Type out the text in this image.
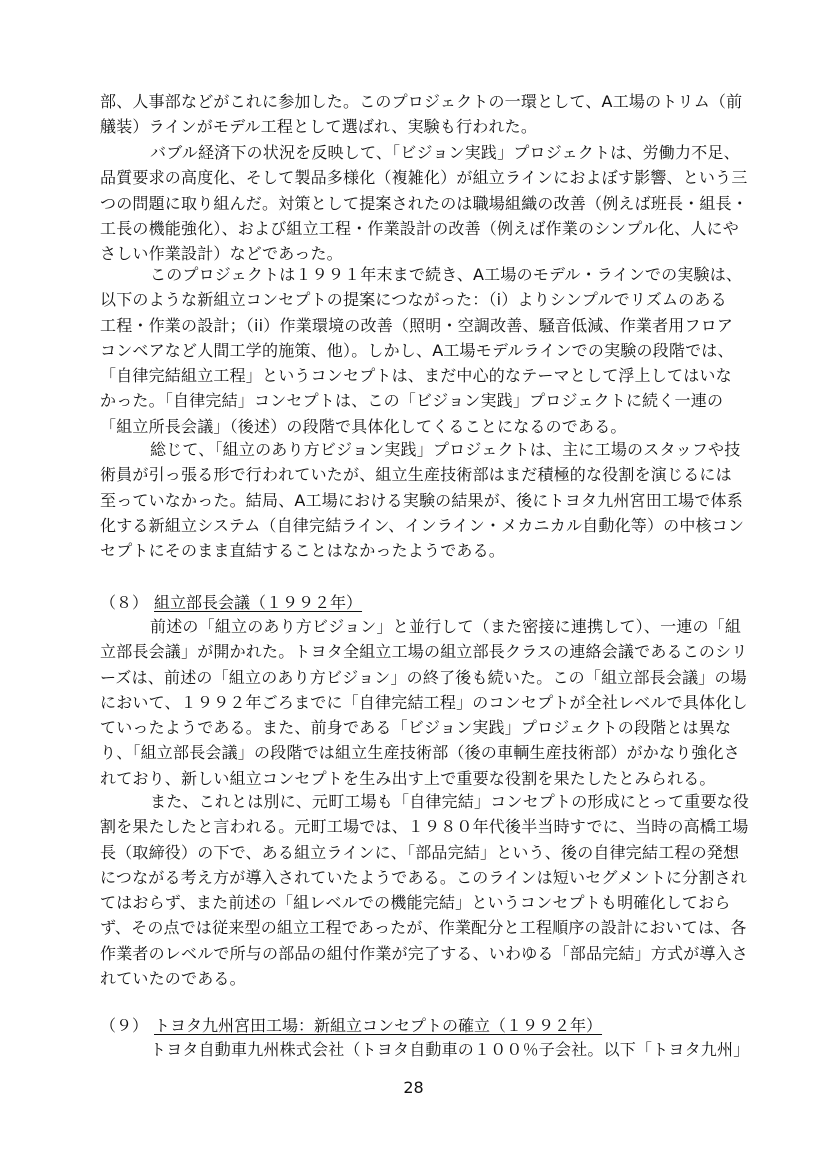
部、人事部などがこれに参加した。このプロジェクトの一環として、A工場のトリム（前
艤装）ラインがモデル工程として選ばれ、実験も行われた。
バブル経済下の状況を反映して、「ビジョン実践」プロジェクトは、労働力不足、
品質要求の高度化、そして製品多様化（複雑化）が組立ラインにおよぼす影響、という三
つの問題に取り組んだ。対策として提案されたのは職場組織の改善（例えば班長・組長・
工長の機能強化）、および組立工程・作業設計の改善（例えば作業のシンプル化、人にや
さしい作業設計）などであった。
このプロジェクトは１９９１年末まで続き、A工場のモデル・ラインでの実験は、
以下のような新組立コンセプトの提案につながった：（i）よりシンプルでリズムのある
工程・作業の設計；（ii）作業環境の改善（照明・空調改善、騒音低減、作業者用フロア
コンベアなど人間工学的施策、他）。しかし、A工場モデルラインでの実験の段階では、
「自律完結組立工程」というコンセプトは、まだ中心的なテーマとして浮上してはいな
かった。「自律完結」コンセプトは、この「ビジョン実践」プロジェクトに続く一連の
「組立所長会議」（後述）の段階で具体化してくることになるのである。
総じて、「組立のあり方ビジョン実践」プロジェクトは、主に工場のスタッフや技
術員が引っ張る形で行われていたが、組立生産技術部はまだ積極的な役割を演じるには
至っていなかった。結局、A工場における実験の結果が、後にトヨタ九州宮田工場で体系
化する新組立システム（自律完結ライン、インライン・メカニカル自動化等）の中核コン
セプトにそのまま直結することはなかったようである。
（８） 組立部長会議（１９９２年）
前述の「組立のあり方ビジョン」と並行して（また密接に連携して）、一連の「組
立部長会議」が開かれた。トヨタ全組立工場の組立部長クラスの連絡会議であるこのシリ
ーズは、前述の「組立のあり方ビジョン」の終了後も続いた。この「組立部長会議」の場
において、１９９２年ごろまでに「自律完結工程」のコンセプトが全社レベルで具体化し
ていったようである。また、前身である「ビジョン実践」プロジェクトの段階とは異な
り、「組立部長会議」の段階では組立生産技術部（後の車輌生産技術部）がかなり強化さ
れており、新しい組立コンセプトを生み出す上で重要な役割を果たしたとみられる。
また、これとは別に、元町工場も「自律完結」コンセプトの形成にとって重要な役
割を果たしたと言われる。元町工場では、１９８０年代後半当時すでに、当時の高橋工場
長（取締役）の下で、ある組立ラインに、「部品完結」という、後の自律完結工程の発想
につながる考え方が導入されていたようである。このラインは短いセグメントに分割され
てはおらず、また前述の「組レベルでの機能完結」というコンセプトも明確化しておら
ず、その点では従来型の組立工程であったが、作業配分と工程順序の設計においては、各
作業者のレベルで所与の部品の組付作業が完了する、いわゆる「部品完結」方式が導入さ
れていたのである。
（９） トヨタ九州宮田工場：新組立コンセプトの確立（１９９２年）
トヨタ自動車九州株式会社（トヨタ自動車の１００％子会社。以下「トヨタ九州」
28
